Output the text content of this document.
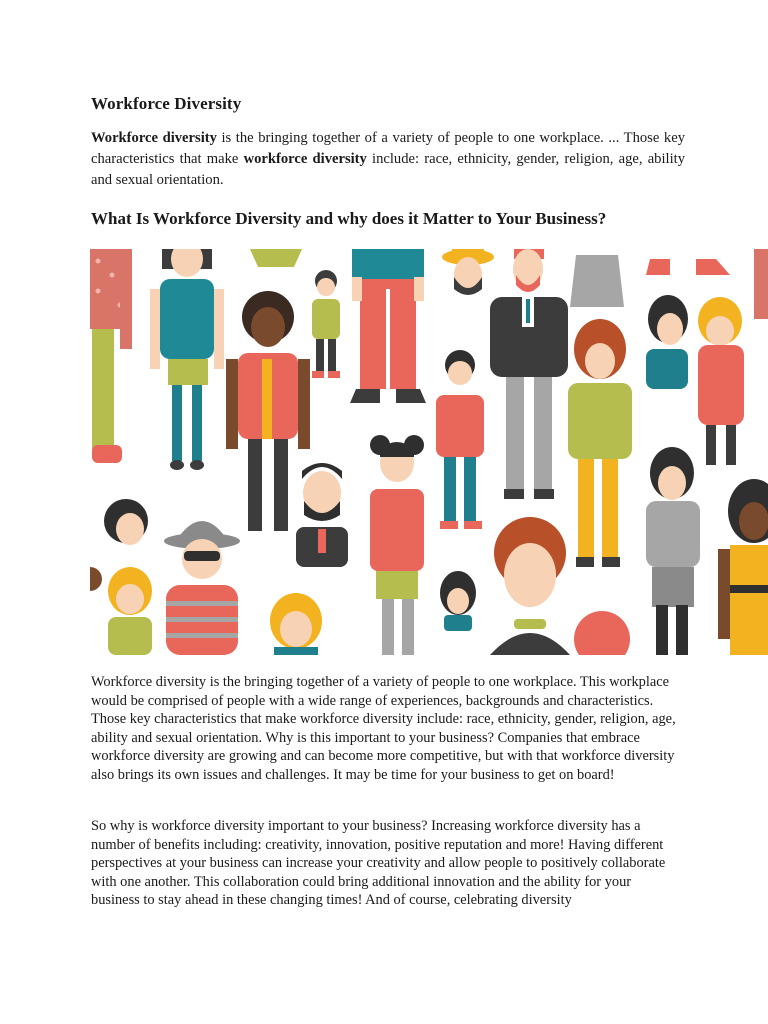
Workforce Diversity

Workforce diversity is the bringing together of a variety of people to one workplace. ... Those key characteristics that make workforce diversity include: race, ethnicity, gender, religion, age, ability and sexual orientation.

What Is Workforce Diversity and why does it Matter to Your Business?

Workforce diversity is the bringing together of a variety of people to one workplace. This workplace would be comprised of people with a wide range of experiences, backgrounds and characteristics. Those key characteristics that make workforce diversity include: race, ethnicity, gender, religion, age, ability and sexual orientation. Why is this important to your business? Companies that embrace workforce diversity are growing and can become more competitive, but with that workforce diversity also brings its own issues and challenges. It may be time for your business to get on board!

So why is workforce diversity important to your business? Increasing workforce diversity has a number of benefits including: creativity, innovation, positive reputation and more! Having different perspectives at your business can increase your creativity and allow people to positively collaborate with one another. This collaboration could bring additional innovation and the ability for your business to stay ahead in these changing times! And of course, celebrating diversity
